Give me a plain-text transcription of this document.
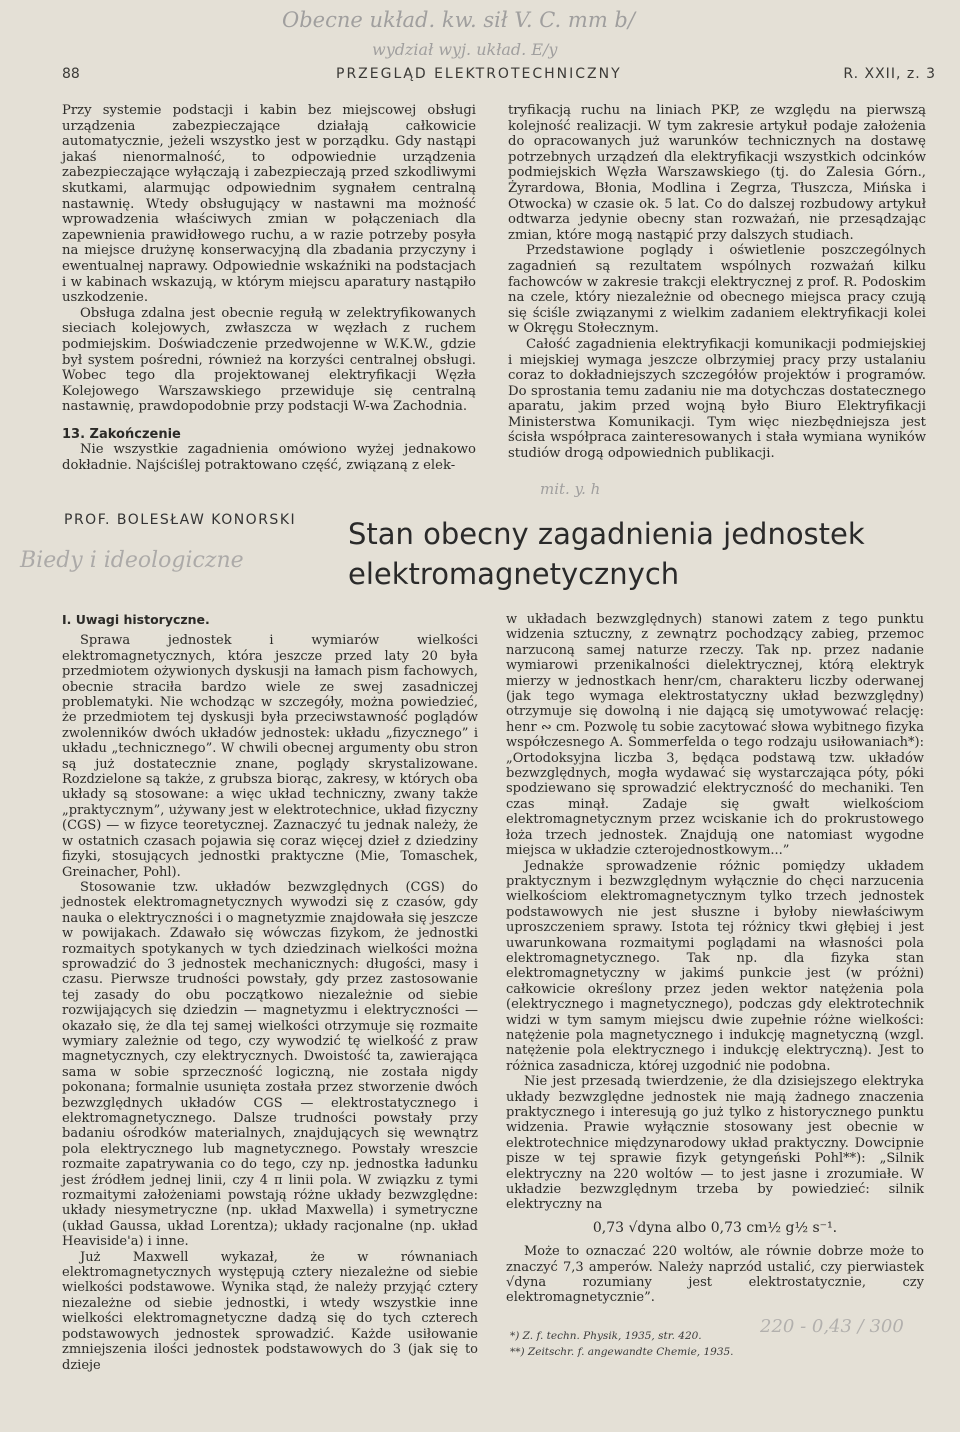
Obecne układ. kw. sił V. C. mm b/
wydział wyj. układ. E/y
88	PRZEGLĄD ELEKTROTECHNICZNY	R. XXII, z. 3

Przy systemie podstacji i kabin bez miejscowej obsługi urządzenia zabezpieczające działają całkowicie automatycznie, jeżeli wszystko jest w porządku. Gdy nastąpi jakaś nienormalność, to odpowiednie urządzenia zabezpieczające wyłączają i zabezpieczają przed szkodliwymi skutkami, alarmując odpowiednim sygnałem centralną nastawnię. Wtedy obsługujący w nastawni ma możność wprowadzenia właściwych zmian w połączeniach dla zapewnienia prawidłowego ruchu, a w razie potrzeby posyła na miejsce drużynę konserwacyjną dla zbadania przyczyny i ewentualnej naprawy. Odpowiednie wskaźniki na podstacjach i w kabinach wskazują, w którym miejscu aparatury nastąpiło uszkodzenie.

Obsługa zdalna jest obecnie regułą w zelektryfikowanych sieciach kolejowych, zwłaszcza w węzłach z ruchem podmiejskim. Doświadczenie przedwojenne w W.K.W., gdzie był system pośredni, również na korzyści centralnej obsługi. Wobec tego dla projektowanej elektryfikacji Węzła Kolejowego Warszawskiego przewiduje się centralną nastawnię, prawdopodobnie przy podstacji W-wa Zachodnia.

13. Zakończenie

Nie wszystkie zagadnienia omówiono wyżej jednakowo dokładnie. Najściślej potraktowano część, związaną z elek-

tryfikacją ruchu na liniach PKP, ze względu na pierwszą kolejność realizacji. W tym zakresie artykuł podaje założenia do opracowanych już warunków technicznych na dostawę potrzebnych urządzeń dla elektryfikacji wszystkich odcinków podmiejskich Węzła Warszawskiego (tj. do Zalesia Górn., Żyrardowa, Błonia, Modlina i Zegrza, Tłuszcza, Mińska i Otwocka) w czasie ok. 5 lat. Co do dalszej rozbudowy artykuł odtwarza jedynie obecny stan rozważań, nie przesądzając zmian, które mogą nastąpić przy dalszych studiach.

Przedstawione poglądy i oświetlenie poszczególnych zagadnień są rezultatem wspólnych rozważań kilku fachowców w zakresie trakcji elektrycznej z prof. R. Podoskim na czele, który niezależnie od obecnego miejsca pracy czują się ściśle związanymi z wielkim zadaniem elektryfikacji kolei w Okręgu Stołecznym.

Całość zagadnienia elektryfikacji komunikacji podmiejskiej i miejskiej wymaga jeszcze olbrzymiej pracy przy ustalaniu coraz to dokładniejszych szczegółów projektów i programów. Do sprostania temu zadaniu nie ma dotychczas dostatecznego aparatu, jakim przed wojną było Biuro Elektryfikacji Ministerstwa Komunikacji. Tym więc niezbędniejsza jest ścisła współpraca zainteresowanych i stała wymiana wyników studiów drogą odpowiednich publikacji.

mit. y. h
PROF. BOLESŁAW KONORSKI
Biedy i ideologiczne
Stan obecny zagadnienia jednostek elektromagnetycznych
I. Uwagi historyczne.

Sprawa jednostek i wymiarów wielkości elektromagnetycznych, która jeszcze przed laty 20 była przedmiotem ożywionych dyskusji na łamach pism fachowych, obecnie straciła bardzo wiele ze swej zasadniczej problematyki. Nie wchodząc w szczegóły, można powiedzieć, że przedmiotem tej dyskusji była przeciwstawność poglądów zwolenników dwóch układów jednostek: układu „fizycznego” i układu „technicznego”. W chwili obecnej argumenty obu stron są już dostatecznie znane, poglądy skrystalizowane. Rozdzielone są także, z grubsza biorąc, zakresy, w których oba układy są stosowane: a więc układ techniczny, zwany także „praktycznym”, używany jest w elektrotechnice, układ fizyczny (CGS) — w fizyce teoretycznej. Zaznaczyć tu jednak należy, że w ostatnich czasach pojawia się coraz więcej dzieł z dziedziny fizyki, stosujących jednostki praktyczne (Mie, Tomaschek, Greinacher, Pohl).

Stosowanie tzw. układów bezwzględnych (CGS) do jednostek elektromagnetycznych wywodzi się z czasów, gdy nauka o elektryczności i o magnetyzmie znajdowała się jeszcze w powijakach. Zdawało się wówczas fizykom, że jednostki rozmaitych spotykanych w tych dziedzinach wielkości można sprowadzić do 3 jednostek mechanicznych: długości, masy i czasu. Pierwsze trudności powstały, gdy przez zastosowanie tej zasady do obu początkowo niezależnie od siebie rozwijających się dziedzin — magnetyzmu i elektryczności — okazało się, że dla tej samej wielkości otrzymuje się rozmaite wymiary zależnie od tego, czy wywodzić tę wielkość z praw magnetycznych, czy elektrycznych. Dwoistość ta, zawierająca sama w sobie sprzeczność logiczną, nie została nigdy pokonana; formalnie usunięta została przez stworzenie dwóch bezwzględnych układów CGS — elektrostatycznego i elektromagnetycznego. Dalsze trudności powstały przy badaniu ośrodków materialnych, znajdujących się wewnątrz pola elektrycznego lub magnetycznego. Powstały wreszcie rozmaite zapatrywania co do tego, czy np. jednostka ładunku jest źródłem jednej linii, czy 4 π linii pola. W związku z tymi rozmaitymi założeniami powstają różne układy bezwzględne: układy niesymetryczne (np. układ Maxwella) i symetryczne (układ Gaussa, układ Lorentza); układy racjonalne (np. układ Heaviside'a) i inne.

Już Maxwell wykazał, że w równaniach elektromagnetycznych występują cztery niezależne od siebie wielkości podstawowe. Wynika stąd, że należy przyjąć cztery niezależne od siebie jednostki, i wtedy wszystkie inne wielkości elektromagnetyczne dadzą się do tych czterech podstawowych jednostek sprowadzić. Każde usiłowanie zmniejszenia ilości jednostek podstawowych do 3 (jak się to dzieje

w układach bezwzględnych) stanowi zatem z tego punktu widzenia sztuczny, z zewnątrz pochodzący zabieg, przemoc narzuconą samej naturze rzeczy. Tak np. przez nadanie wymiarowi przenikalności dielektrycznej, którą elektryk mierzy w jednostkach henr/cm, charakteru liczby oderwanej (jak tego wymaga elektrostatyczny układ bezwzględny) otrzymuje się dowolną i nie dającą się umotywować relację: henr ∾ cm. Pozwolę tu sobie zacytować słowa wybitnego fizyka współczesnego A. Sommerfelda o tego rodzaju usiłowaniach*): „Ortodoksyjna liczba 3, będąca podstawą tzw. układów bezwzględnych, mogła wydawać się wystarczająca póty, póki spodziewano się sprowadzić elektryczność do mechaniki. Ten czas minął. Zadaje się gwałt wielkościom elektromagnetycznym przez wciskanie ich do prokrustowego łoża trzech jednostek. Znajdują one natomiast wygodne miejsca w układzie czterojednostkowym...”

Jednakże sprowadzenie różnic pomiędzy układem praktycznym i bezwzględnym wyłącznie do chęci narzucenia wielkościom elektromagnetycznym tylko trzech jednostek podstawowych nie jest słuszne i byłoby niewłaściwym uproszczeniem sprawy. Istota tej różnicy tkwi głębiej i jest uwarunkowana rozmaitymi poglądami na własności pola elektromagnetycznego. Tak np. dla fizyka stan elektromagnetyczny w jakimś punkcie jest (w próżni) całkowicie określony przez jeden wektor natężenia pola (elektrycznego i magnetycznego), podczas gdy elektrotechnik widzi w tym samym miejscu dwie zupełnie różne wielkości: natężenie pola magnetycznego i indukcję magnetyczną (wzgl. natężenie pola elektrycznego i indukcję elektryczną). Jest to różnica zasadnicza, której uzgodnić nie podobna.

Nie jest przesadą twierdzenie, że dla dzisiejszego elektryka układy bezwzględne jednostek nie mają żadnego znaczenia praktycznego i interesują go już tylko z historycznego punktu widzenia. Prawie wyłącznie stosowany jest obecnie w elektrotechnice międzynarodowy układ praktyczny. Dowcipnie pisze w tej sprawie fizyk getyngeński Pohl**): „Silnik elektryczny na 220 woltów — to jest jasne i zrozumiałe. W układzie bezwzględnym trzeba by powiedzieć: silnik elektryczny na

0,73 √dyna albo 0,73 cm½ g½ s⁻¹.

Może to oznaczać 220 woltów, ale równie dobrze może to znaczyć 7,3 amperów. Należy naprzód ustalić, czy pierwiastek √dyna rozumiany jest elektrostatycznie, czy elektromagnetycznie”.

220 - 0,43 / 300
*) Z. f. techn. Physik, 1935, str. 420.
**) Zeitschr. f. angewandte Chemie, 1935.
